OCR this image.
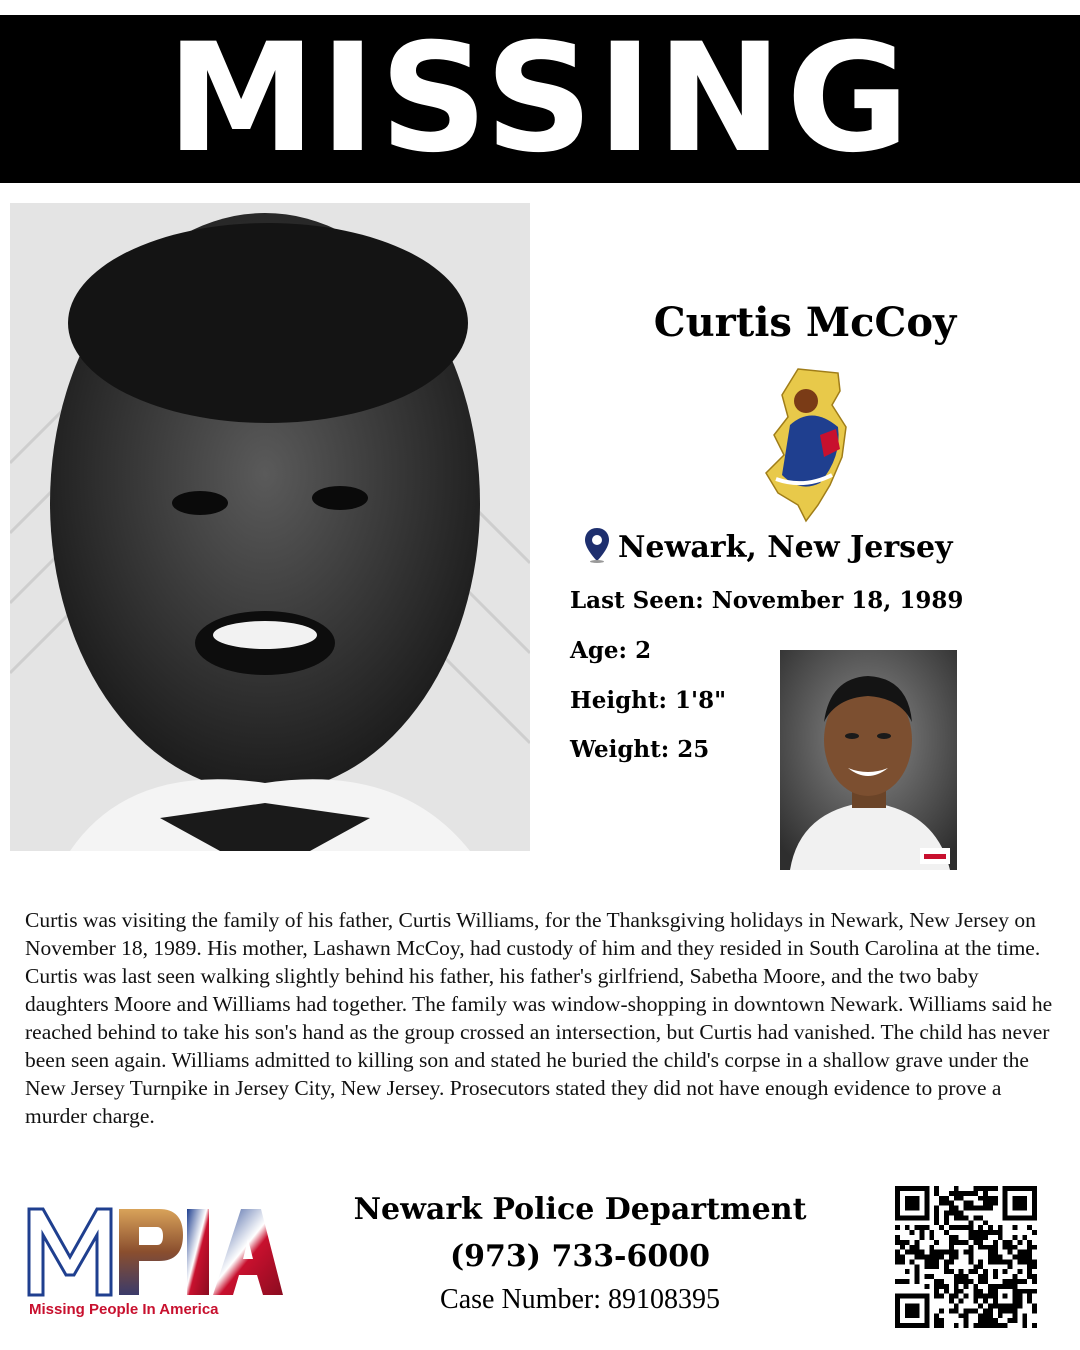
MISSING
Curtis McCoy
Newark, New Jersey
Last Seen: November 18, 1989
Age: 2
Height: 1'8"
Weight: 25
Curtis was visiting the family of his father, Curtis Williams, for the Thanksgiving holidays in Newark, New Jersey on November 18, 1989. His mother, Lashawn McCoy, had custody of him and they resided in South Carolina at the time. Curtis was last seen walking slightly behind his father, his father's girlfriend, Sabetha Moore, and the two baby daughters Moore and Williams had together. The family was window-shopping in downtown Newark. Williams said he reached behind to take his son's hand as the group crossed an intersection, but Curtis had vanished. The child has never been seen again. Williams admitted to killing son and stated he buried the child's corpse in a shallow grave under the New Jersey Turnpike in Jersey City, New Jersey. Prosecutors stated they did not have enough evidence to prove a murder charge.
Missing People In America
Newark Police Department
(973) 733-6000
Case Number: 89108395
